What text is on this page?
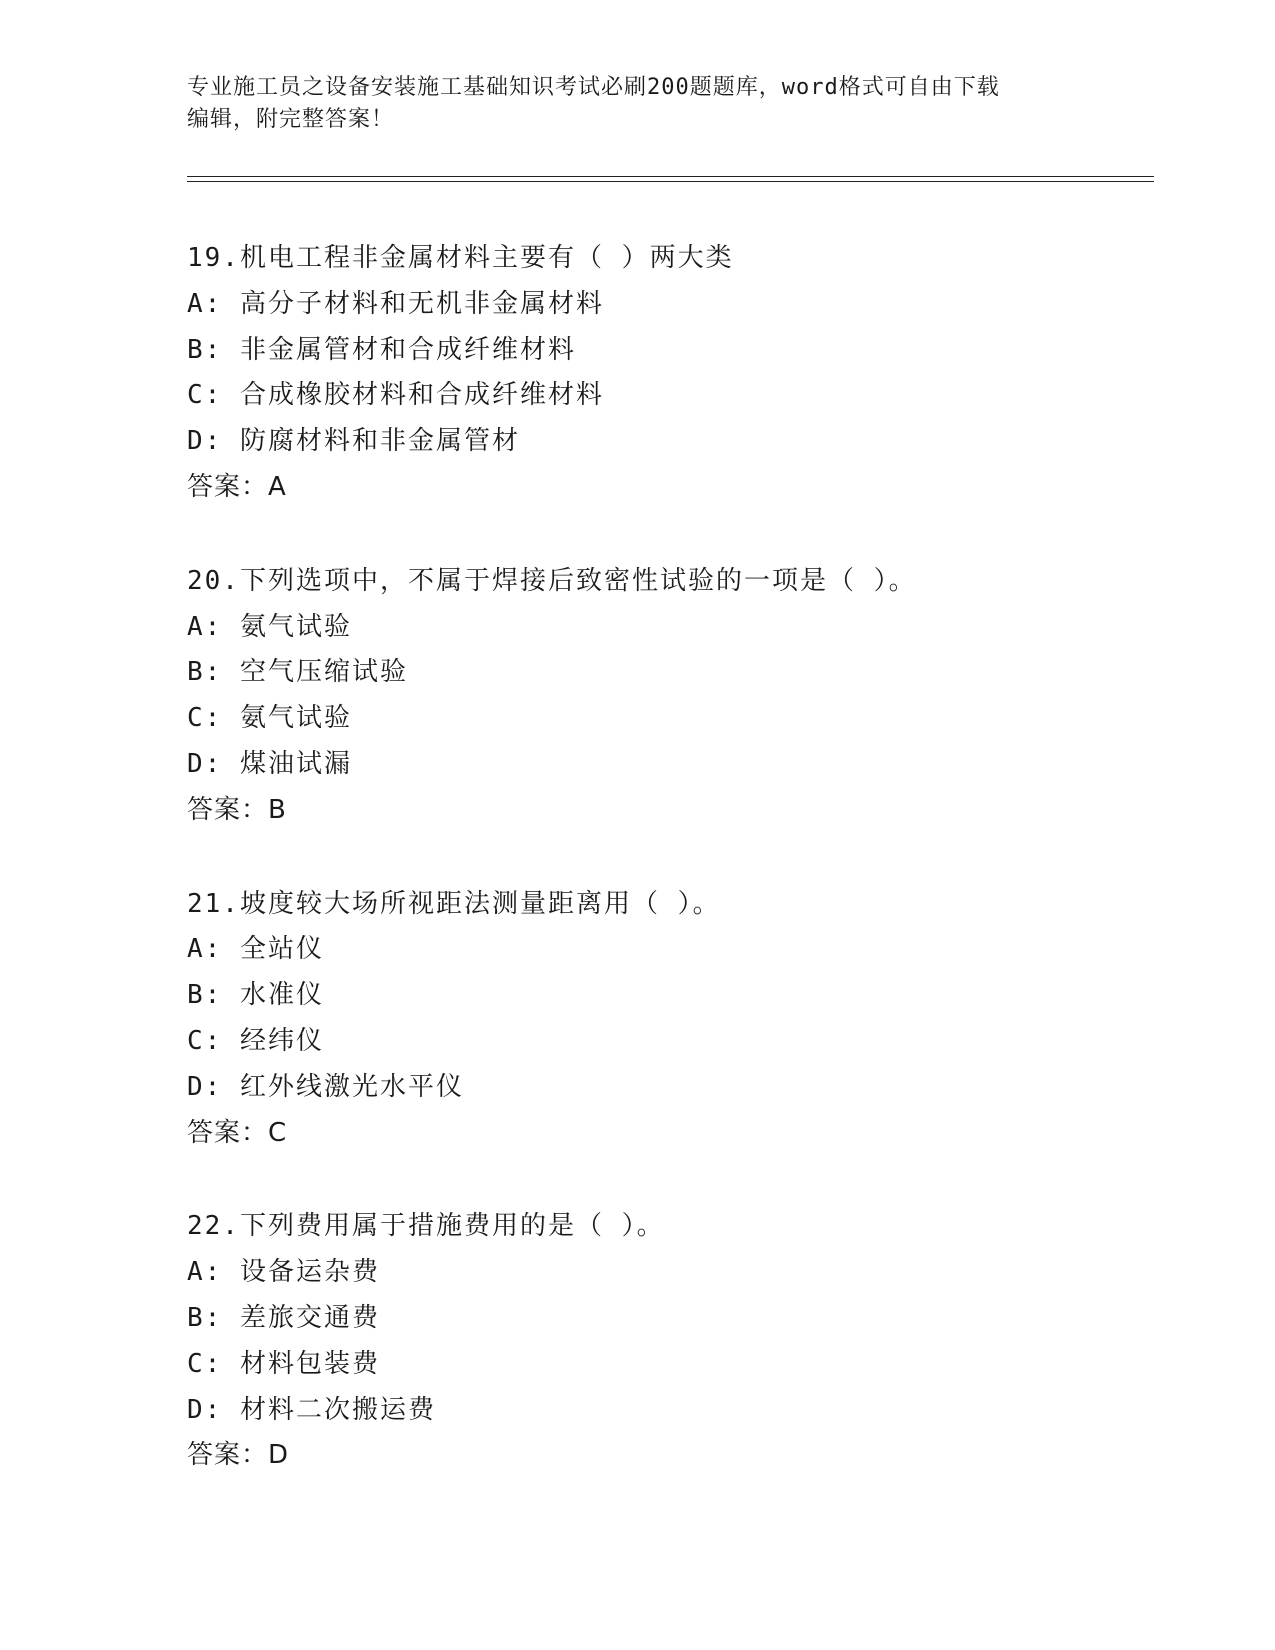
专业施工员之设备安装施工基础知识考试必刷200题题库，word格式可自由下载
编辑，附完整答案！
19.机电工程非金属材料主要有（ ）两大类
A: 高分子材料和无机非金属材料
B: 非金属管材和合成纤维材料
C: 合成橡胶材料和合成纤维材料
D: 防腐材料和非金属管材
答案：A
20.下列选项中，不属于焊接后致密性试验的一项是（ ）。
A: 氨气试验
B: 空气压缩试验
C: 氨气试验
D: 煤油试漏
答案：B
21.坡度较大场所视距法测量距离用（ ）。
A: 全站仪
B: 水准仪
C: 经纬仪
D: 红外线激光水平仪
答案：C
22.下列费用属于措施费用的是（ ）。
A: 设备运杂费
B: 差旅交通费
C: 材料包装费
D: 材料二次搬运费
答案：D
